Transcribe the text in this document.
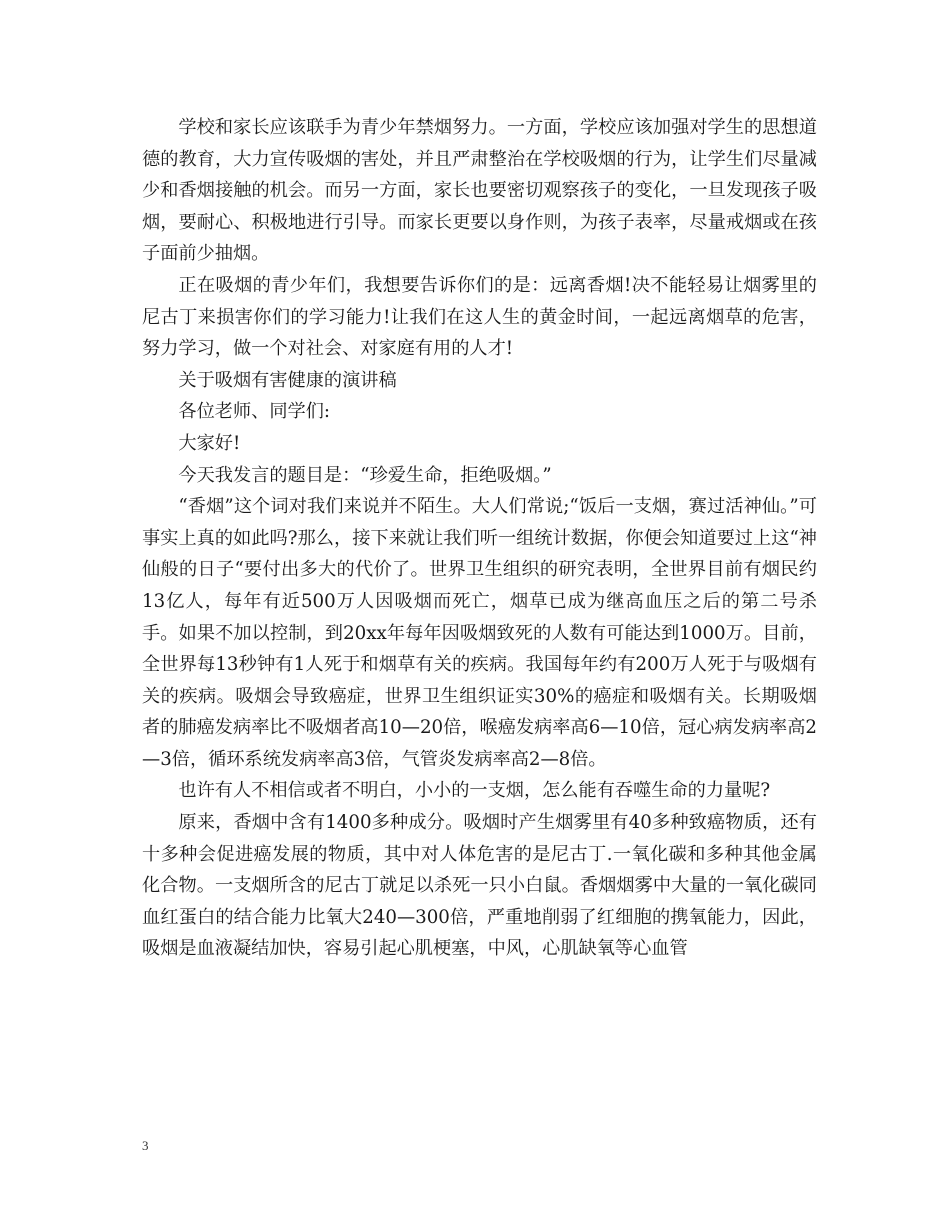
学校和家长应该联手为青少年禁烟努力。一方面，学校应该加强对学生的思想道德的教育，大力宣传吸烟的害处，并且严肃整治在学校吸烟的行为，让学生们尽量减少和香烟接触的机会。而另一方面，家长也要密切观察孩子的变化，一旦发现孩子吸烟，要耐心、积极地进行引导。而家长更要以身作则，为孩子表率，尽量戒烟或在孩子面前少抽烟。

正在吸烟的青少年们，我想要告诉你们的是：远离香烟!决不能轻易让烟雾里的尼古丁来损害你们的学习能力!让我们在这人生的黄金时间，一起远离烟草的危害，努力学习，做一个对社会、对家庭有用的人才!

关于吸烟有害健康的演讲稿

各位老师、同学们:

大家好!

今天我发言的题目是：“珍爱生命，拒绝吸烟。”

“香烟”这个词对我们来说并不陌生。大人们常说;“饭后一支烟，赛过活神仙。”可事实上真的如此吗?那么，接下来就让我们听一组统计数据，你便会知道要过上这“神仙般的日子“要付出多大的代价了。世界卫生组织的研究表明，全世界目前有烟民约13亿人，每年有近500万人因吸烟而死亡，烟草已成为继高血压之后的第二号杀手。如果不加以控制，到20xx年每年因吸烟致死的人数有可能达到1000万。目前，全世界每13秒钟有1人死于和烟草有关的疾病。我国每年约有200万人死于与吸烟有关的疾病。吸烟会导致癌症，世界卫生组织证实30%的癌症和吸烟有关。长期吸烟者的肺癌发病率比不吸烟者高10—20倍，喉癌发病率高6—10倍，冠心病发病率高2—3倍，循环系统发病率高3倍，气管炎发病率高2—8倍。

也许有人不相信或者不明白，小小的一支烟，怎么能有吞噬生命的力量呢?

原来，香烟中含有1400多种成分。吸烟时产生烟雾里有40多种致癌物质，还有十多种会促进癌发展的物质，其中对人体危害的是尼古丁.一氧化碳和多种其他金属化合物。一支烟所含的尼古丁就足以杀死一只小白鼠。香烟烟雾中大量的一氧化碳同血红蛋白的结合能力比氧大240—300倍，严重地削弱了红细胞的携氧能力，因此，吸烟是血液凝结加快，容易引起心肌梗塞，中风，心肌缺氧等心血管

3
